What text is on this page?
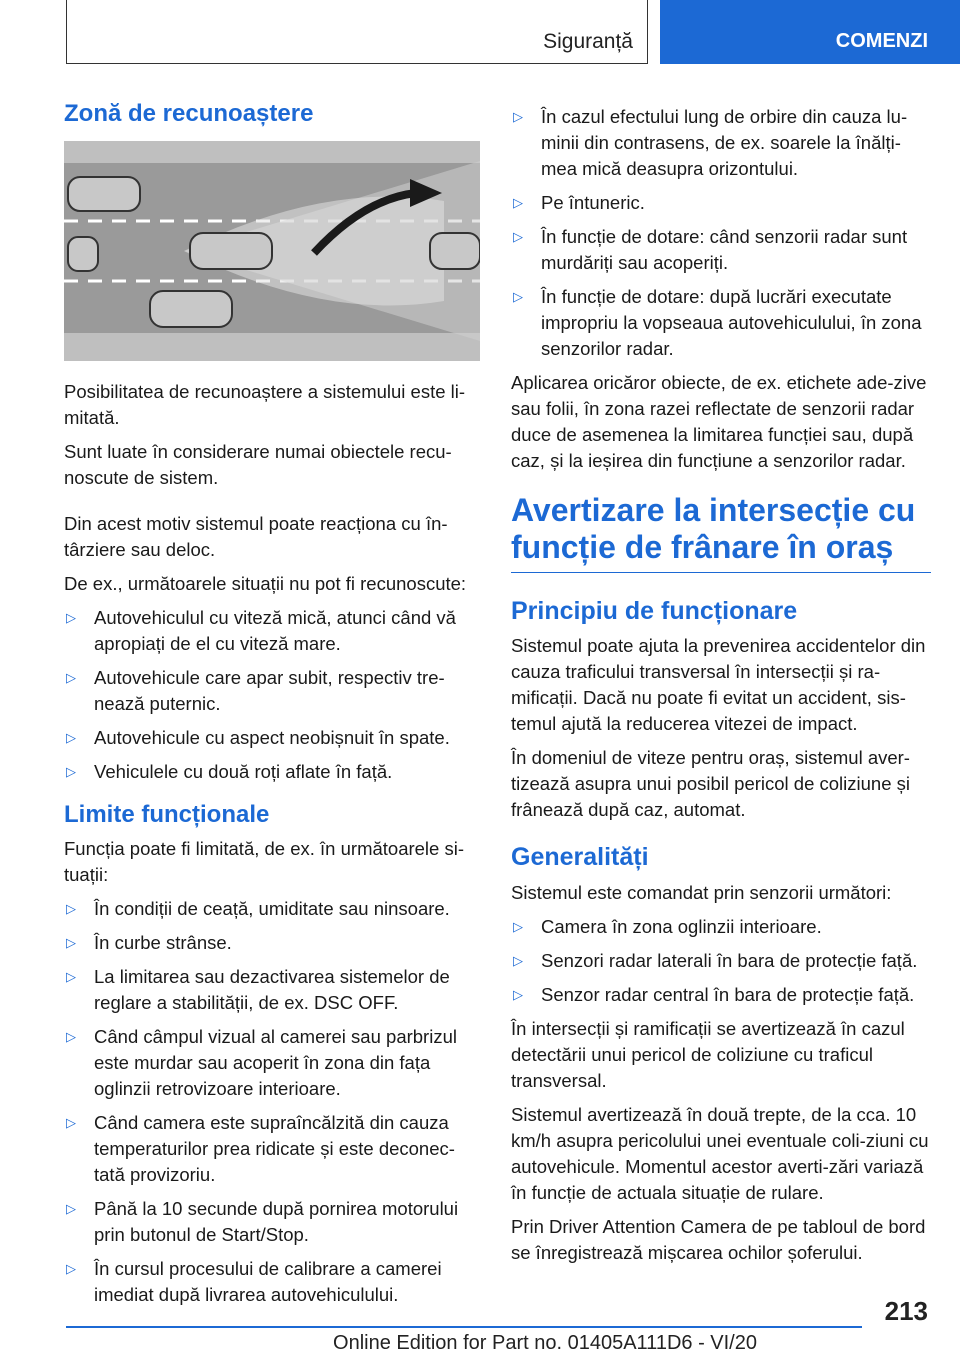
Siguranță	COMENZI
Zonă de recunoaștere

Posibilitatea de recunoaștere a sistemului este li-mitată.

Sunt luate în considerare numai obiectele recu-noscute de sistem.

Din acest motiv sistemul poate reacționa cu în-târziere sau deloc.

De ex., următoarele situații nu pot fi recunoscute:

▷ Autovehiculul cu viteză mică, atunci când vă apropiați de el cu viteză mare.
▷ Autovehicule care apar subit, respectiv tre-nează puternic.
▷ Autovehicule cu aspect neobișnuit în spate.
▷ Vehiculele cu două roți aflate în față.
Limite funcționale

Funcția poate fi limitată, de ex. în următoarele si-tuații:

▷ În condiții de ceață, umiditate sau ninsoare.
▷ În curbe strânse.
▷ La limitarea sau dezactivarea sistemelor de reglare a stabilității, de ex. DSC OFF.
▷ Când câmpul vizual al camerei sau parbrizul este murdar sau acoperit în zona din fața oglinzii retrovizoare interioare.
▷ Când camera este supraîncălzită din cauza temperaturilor prea ridicate și este deconec-tată provizoriu.
▷ Până la 10 secunde după pornirea motorului prin butonul de Start/Stop.
▷ În cursul procesului de calibrare a camerei imediat după livrarea autovehiculului.
▷ În cazul efectului lung de orbire din cauza lu-minii din contrasens, de ex. soarele la înălți-mea mică deasupra orizontului.
▷ Pe întuneric.
▷ În funcție de dotare: când senzorii radar sunt murdăriți sau acoperiți.
▷ În funcție de dotare: după lucrări executate impropriu la vopseaua autovehiculului, în zona senzorilor radar.

Aplicarea oricăror obiecte, de ex. etichete ade-zive sau folii, în zona razei reflectate de senzorii radar duce de asemenea la limitarea funcției sau, după caz, și la ieșirea din funcțiune a senzorilor radar.

Avertizare la intersecție cu funcție de frânare în oraș
Principiu de funcționare

Sistemul poate ajuta la prevenirea accidentelor din cauza traficului transversal în intersecții și ra-mificații. Dacă nu poate fi evitat un accident, sis-temul ajută la reducerea vitezei de impact.

În domeniul de viteze pentru oraș, sistemul aver-tizează asupra unui posibil pericol de coliziune și frânează după caz, automat.

Generalități

Sistemul este comandat prin senzorii următori:

▷ Camera în zona oglinzii interioare.
▷ Senzori radar laterali în bara de protecție față.
▷ Senzor radar central în bara de protecție față.

În intersecții și ramificații se avertizează în cazul detectării unui pericol de coliziune cu traficul transversal.

Sistemul avertizează în două trepte, de la cca. 10 km/h asupra pericolului unei eventuale coli-ziuni cu autovehicule. Momentul acestor averti-zări variază în funcție de actuala situație de rulare.

Prin Driver Attention Camera de pe tabloul de bord se înregistrează mișcarea ochilor șoferului.

213
Online Edition for Part no. 01405A111D6 - VI/20
